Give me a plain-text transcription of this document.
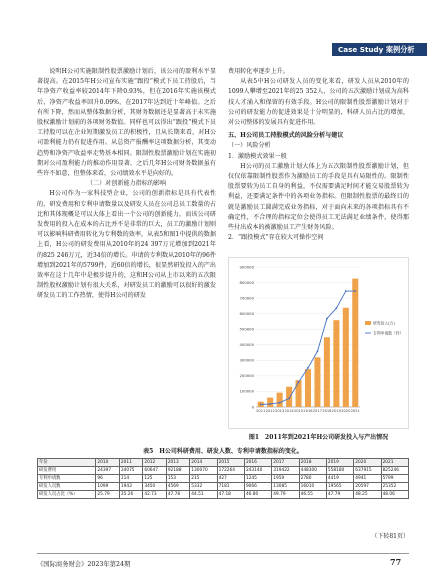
Case Study 案例分析

说明H公司实施限制性股票激励计划后，该公司的盈利水平显著提高。在2015年H公司宣布实施“跟投”模式下员工持股后，当年净资产收益率较2014年下降0.93%，但在2016年实施该模式后，净资产收益率回升0.09%，在2017年达到近十年峰值。之后有所下降，然而从整体数据分析，其财务数据还是显著高于未实施股权激励计划前的各项财务数值。同样也可以得出“跟投”模式下员工持股可以在企业短期激发员工的积极性，且从长期来看，对H公司盈利能力仍有促进作用。从总资产报酬率这项数据分析，其变动趋势和净资产收益率走势基本相同。限制性股票激励计划在实施初期对公司盈利能力的推动作用显著，之后几年H公司财务数据虽有些许不如意，但整体来看，公司绩效水平是向好的。

（二）对创新能力指标的影响

H公司作为一家科技型企业，公司的创新指标是具有代表性的，研发费用和专利申请数量以及研发人员在公司总员工数量的占比和其体现概是可以大体上看出一个公司的创新能力，而该公司研发费用的投入在成本的占比并不是非常的巨大，员工的激励计划则可以影响科研费用转化为专利数的效率，从表5和图1中提供的数据上看，H公司的研发费用从2010年的24 397万元增加到2021年的825 246万元，近34倍的增长。申请的专利数从2010年的96件增加到2021年的5799件，近60倍的增长，很显然研发投入的产出效率在这十几年中是极步提升的，这和H公司从上市以来的五次限制性股权激励计划有很大关系，对研发员工的激励可以很好的激发研发员工的工作热情，使得H公司的研发

费用转化率逐步上升。

从表5中H公司研发人员的变化来看，研发人员从2010年的1099人攀增至2021年的25 352人，公司的五次激励计划成为高科技人才涌入和保留的有效手段。H公司的限制性股票激励计划对于公司的研发能力的促进效果是十分明显的，科研人员占比的增加，对公司整体的发展具有促进作用。

五、H公司员工持股模式的风险分析与建议

（一）风险分析

1．激励模式效果一般

H公司的员工激励计划大体上为五次限制性股票激励计划，但仅仅依靠限制性股票作为激励员工的手段是具有局限性的。限制性股票要转为员工自身的利益，不仅需要满足时间才能交易股票转为利益，还要满足条件中的各项业务指标。但限制性股票的最终目的就是激励员工圆满完成业务指标，对于面向未来的各项指标具有不确定性，不合理的指标定位会使得员工无法满足业绩条件，使得那些付出成本的被激励员工产生财务风险。

2．“跟投模式”存在较大可操作空间

0
100000
200000
300000
400000
500000
600000
700000
800000
900000
2011 2012 2013 2014 2015 2016 2017 2018 2019 2020 2021
研发投入(万)
专利申请数（件）
图1　2011年到2021年H公司研发投入与产出情况
表5　H公司科研费用、研发人数、专利申请数指标的变化。
年份	2010	2011	2012	2013	2014	2015	2016	2017	2018	2019	2020	2021
研发费用	24397	34075	60647	92188	130070	172264	243140	319422	448300	558180	637915	825246
专利申请数	96	114	125	153	215	427	1245	1959	2780	4419	4941	5799
研发人员数	1099	1943	3450	4569	5332	7181	9066	13085	16010	19565	20597	25352
研发人员占比（%）	25.79	35.26	42.73	47.78	44.51	47.18	46.80	49.79	46.55	47.79	48.25	48.06
（下转81页）
《国际商务财会》2023年第24期	77
